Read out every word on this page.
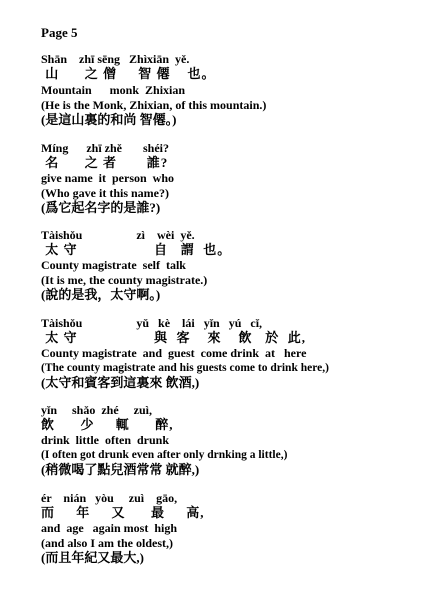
Page 5
Shān    zhī sēng   Zhìxiān  yě.
山      之 僧     智 僊    也。
Mountain      monk  Zhixian
(He is the Monk, Zhixian, of this mountain.)
(是這山裏的和尚 智僊。)
Míng      zhī zhě       shéi?
名      之 者       誰?
give name  it  person  who
(Who gave it this name?)
(爲它起名字的是誰?)
Tàishǒu                  zì    wèi  yě.
太 守                  自   謂  也。
County magistrate  self  talk
(It is me, the county magistrate.)
(說的是我，太守啊。)
Tàishǒu                  yǔ   kè    lái   yǐn   yú   cǐ,
太 守                  與  客    來    飲   於  此,
County magistrate  and  guest  come drink  at   here
(The county magistrate and his guests come to drink here,)
(太守和賓客到這裏來 飲酒,)
yǐn     shǎo  zhé     zuì,
飲      少     輒      醉,
drink  little  often  drunk
(I often got drunk even after only drnking a little,)
(稍微喝了點兒酒常常 就醉,)
ér    nián   yòu     zuì    gāo,
而     年     又      最     高,
and  age   again most  high
(and also I am the oldest,)
(而且年紀又最大,)
